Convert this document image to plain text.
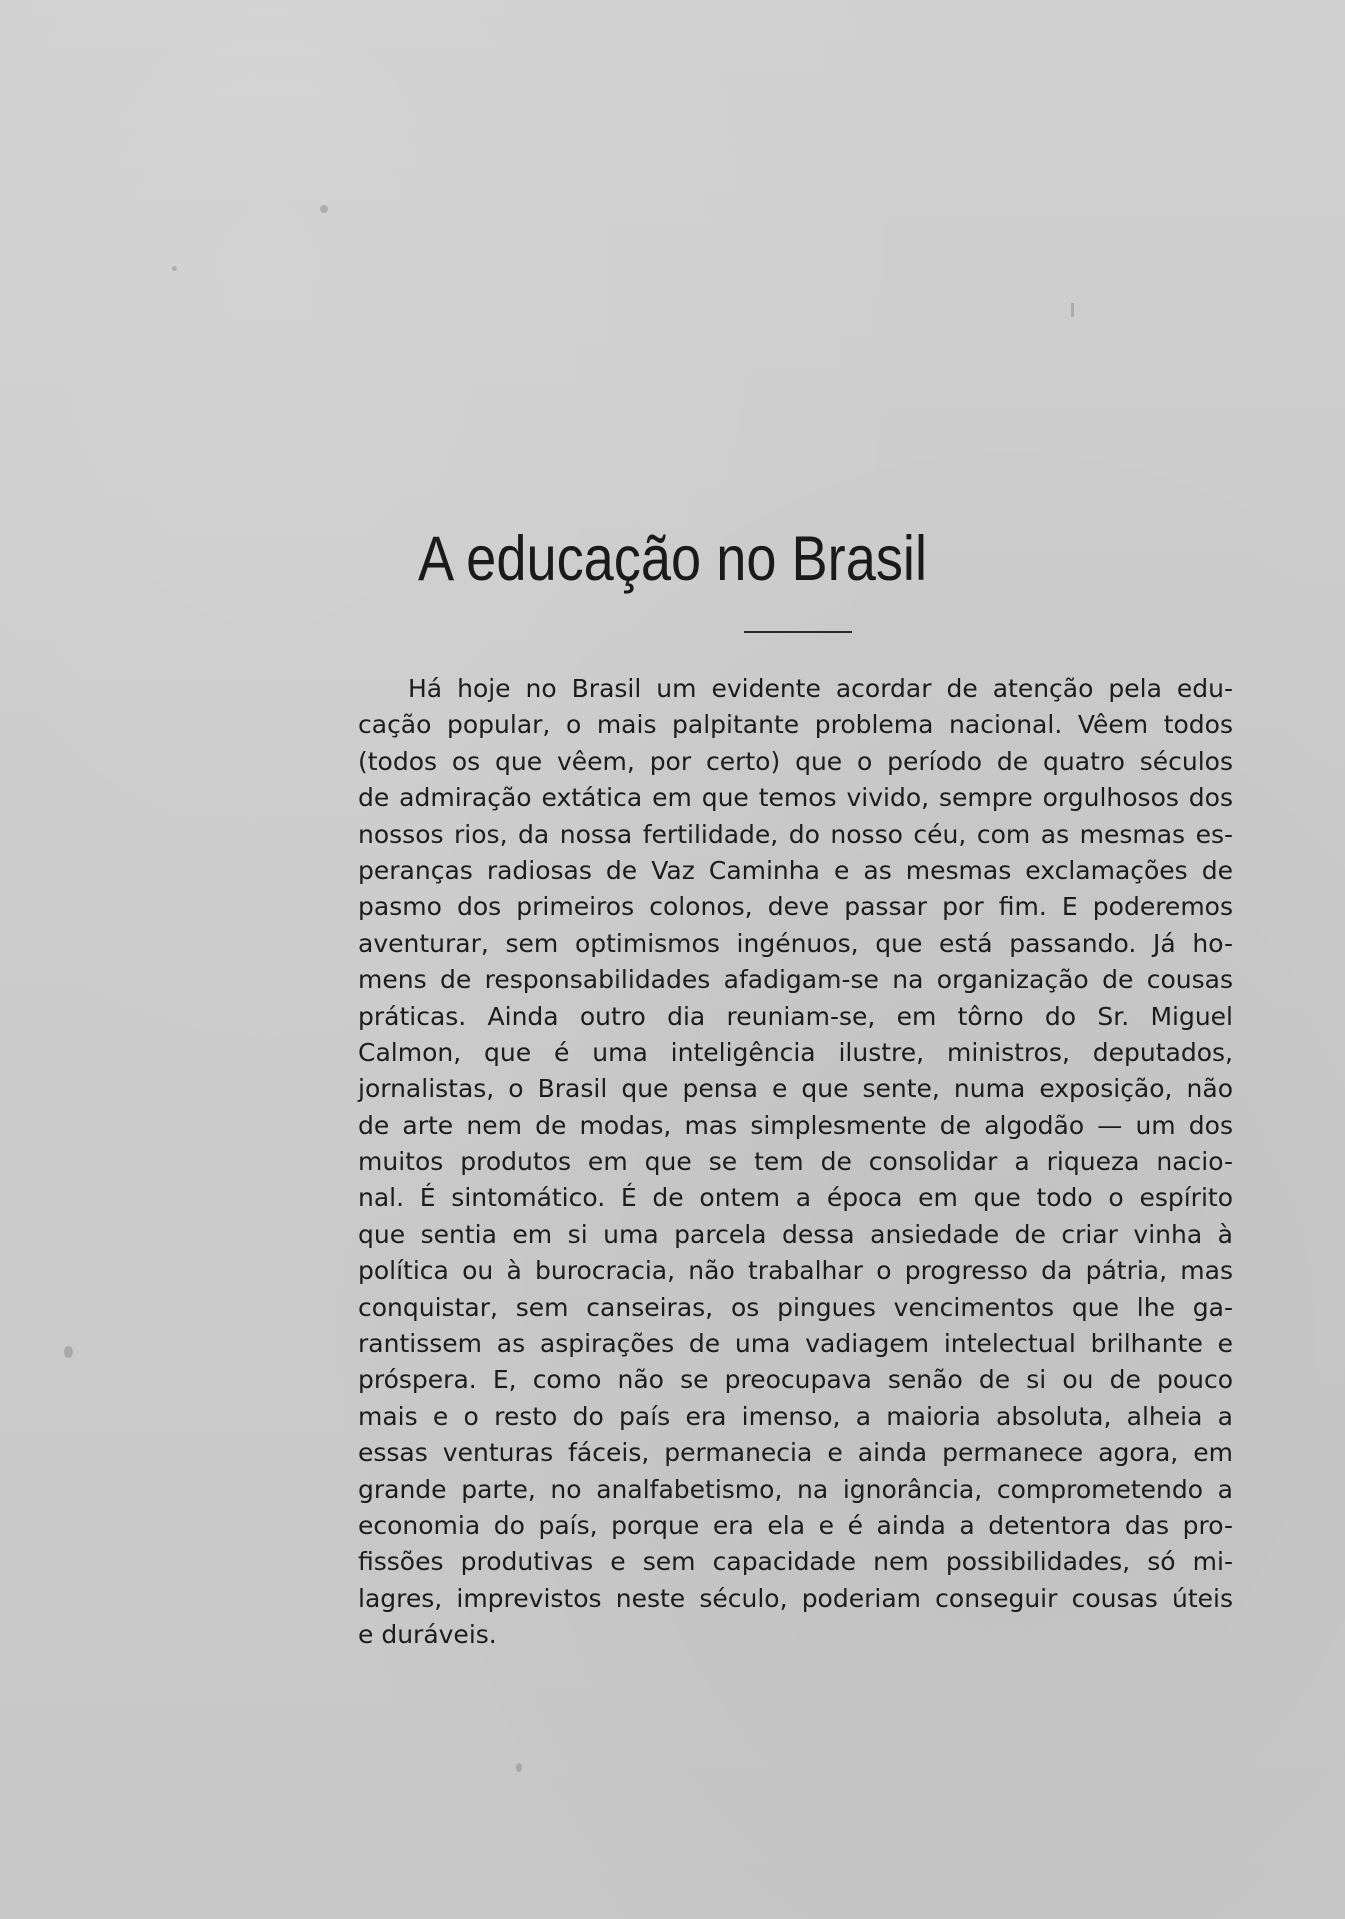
A educação no Brasil
Há hoje no Brasil um evidente acordar de atenção pela edu-
cação popular, o mais palpitante problema nacional. Vêem todos
(todos os que vêem, por certo) que o período de quatro séculos
de admiração extática em que temos vivido, sempre orgulhosos dos
nossos rios, da nossa fertilidade, do nosso céu, com as mesmas es-
peranças radiosas de Vaz Caminha e as mesmas exclamações de
pasmo dos primeiros colonos, deve passar por fim. E poderemos
aventurar, sem optimismos ingénuos, que está passando. Já ho-
mens de responsabilidades afadigam-se na organização de cousas
práticas. Ainda outro dia reuniam-se, em tôrno do Sr. Miguel
Calmon, que é uma inteligência ilustre, ministros, deputados,
jornalistas, o Brasil que pensa e que sente, numa exposição, não
de arte nem de modas, mas simplesmente de algodão — um dos
muitos produtos em que se tem de consolidar a riqueza nacio-
nal. É sintomático. É de ontem a época em que todo o espírito
que sentia em si uma parcela dessa ansiedade de criar vinha à
política ou à burocracia, não trabalhar o progresso da pátria, mas
conquistar, sem canseiras, os pingues vencimentos que lhe ga-
rantissem as aspirações de uma vadiagem intelectual brilhante e
próspera. E, como não se preocupava senão de si ou de pouco
mais e o resto do país era imenso, a maioria absoluta, alheia a
essas venturas fáceis, permanecia e ainda permanece agora, em
grande parte, no analfabetismo, na ignorância, comprometendo a
economia do país, porque era ela e é ainda a detentora das pro-
fissões produtivas e sem capacidade nem possibilidades, só mi-
lagres, imprevistos neste século, poderiam conseguir cousas úteis
e duráveis.
